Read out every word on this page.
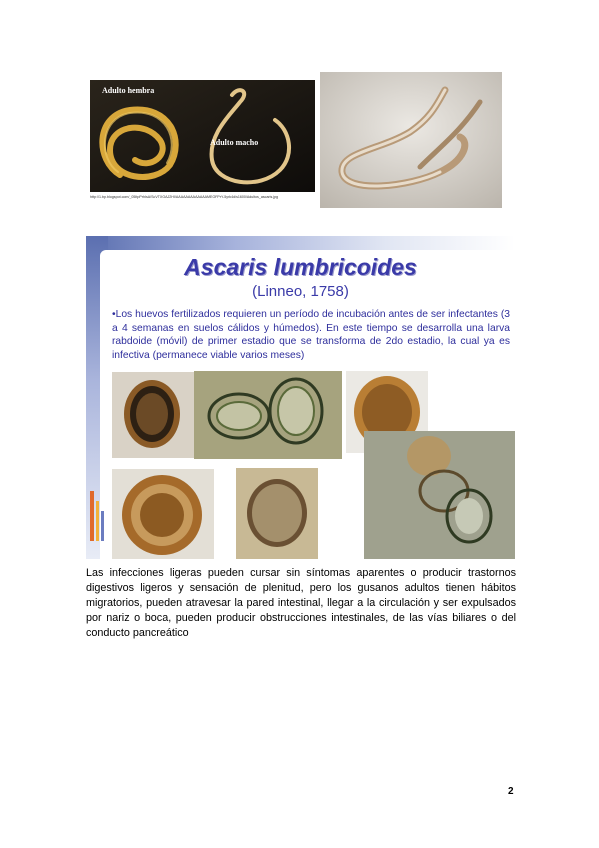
Adulto hembra
Adulto macho
http://1.bp.blogspot.com/_05ItpPrhIsA/ScVTXGAJ2HI/AAAAAAAAAAAAAMEOFPrY-5yrk4d/s1600/Adultos_ascaris.jpg
Ascaris lumbricoides
(Linneo, 1758)
•Los huevos fertilizados requieren un período de incubación antes de ser infectantes (3 a 4 semanas en suelos cálidos y húmedos). En este tiempo se desarrolla una larva rabdoide (móvil) de primer estadio que se transforma de 2do estadio, la cual ya es infectiva (permanece viable varios meses)
Las infecciones ligeras pueden cursar sin síntomas aparentes o producir trastornos digestivos ligeros y sensación de plenitud, pero los gusanos adultos tienen hábitos migratorios, pueden atravesar la pared intestinal, llegar a la circulación y ser expulsados por nariz o boca, pueden producir obstrucciones intestinales, de las vías biliares o del conducto pancreático
2
